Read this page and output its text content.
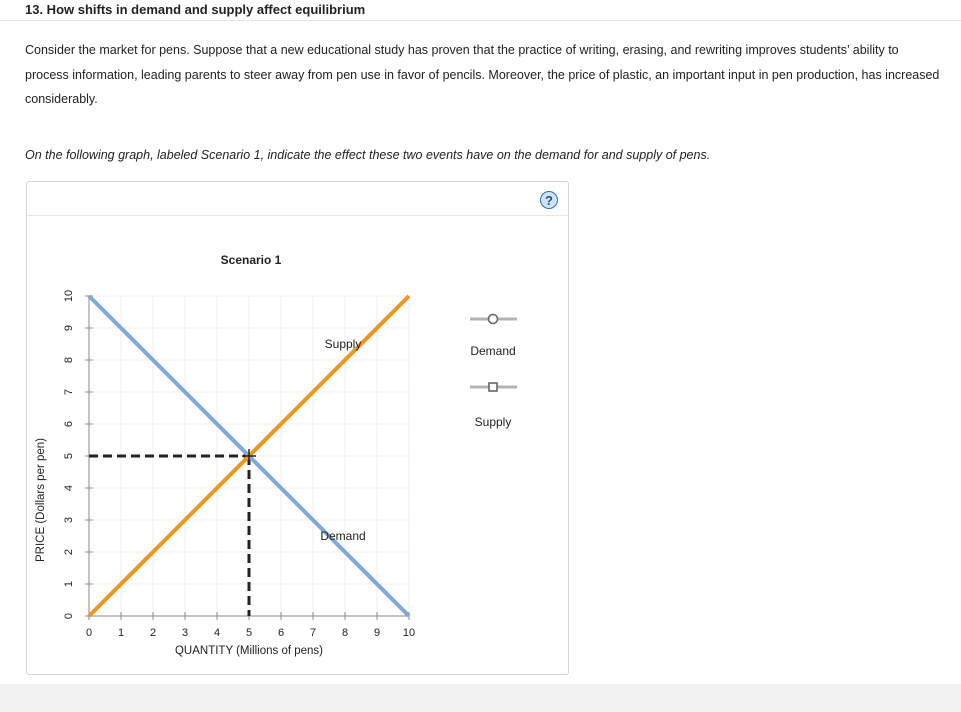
13. How shifts in demand and supply affect equilibrium
Consider the market for pens. Suppose that a new educational study has proven that the practice of writing, erasing, and rewriting improves students’ ability to process information, leading parents to steer away from pen use in favor of pencils. Moreover, the price of plastic, an important input in pen production, has increased considerably.
On the following graph, labeled Scenario 1, indicate the effect these two events have on the demand for and supply of pens.
?
0 1 2 3 4 5 6 7 8 9 10
0
1
2
3
4
5
6
7
8
9
10
Scenario 1
QUANTITY (Millions of pens)
PRICE (Dollars per pen)
Supply
Demand
Demand
Supply
